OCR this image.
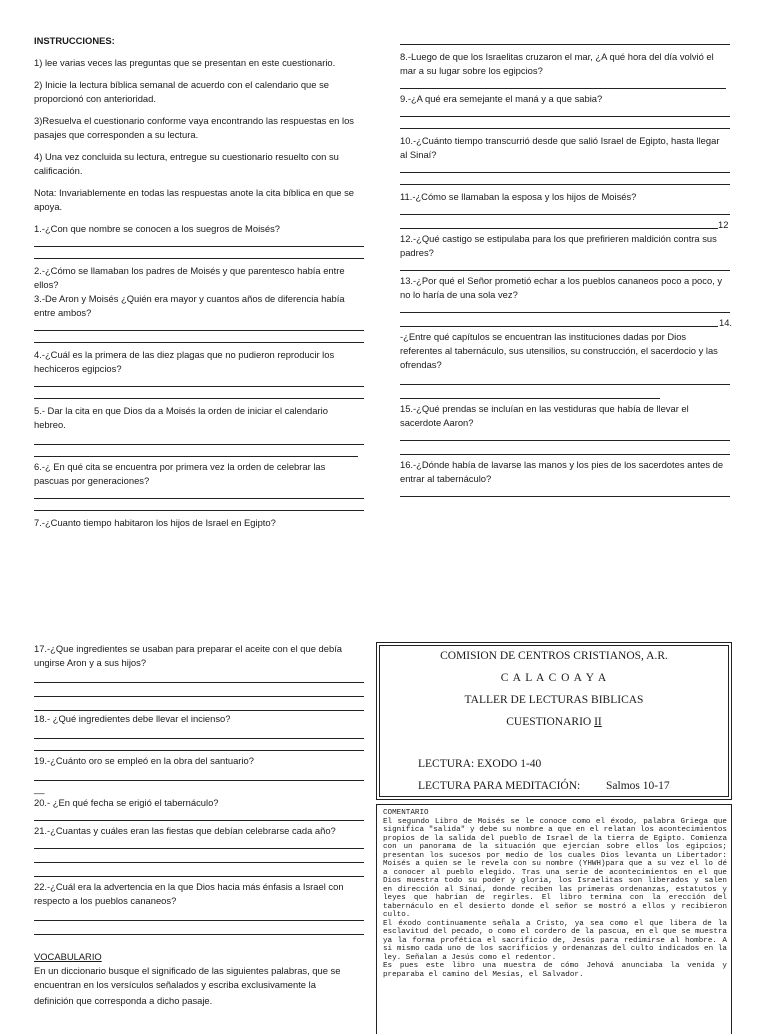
INSTRUCCIONES:
1) lee varias veces las preguntas que se presentan en este cuestionario.
2) Inicie la lectura bíblica semanal de acuerdo con el calendario que se
proporcionó con anterioridad.
3)Resuelva el cuestionario conforme vaya encontrando las respuestas en los
pasajes que corresponden a su lectura.
4) Una vez concluida su lectura, entregue su cuestionario resuelto con su
calificación.
Nota: Invariablemente en todas las respuestas anote la cita bíblica en que se
apoya.
1.-¿Con que nombre se conocen a los suegros de Moisés?
2.-¿Cómo se llamaban los padres de Moisés y que parentesco había entre
ellos?
3.-De Aron y Moisés ¿Quién era mayor y cuantos años de diferencia había
entre ambos?
4.-¿Cuál es la primera de las diez plagas que no pudieron reproducir los
hechiceros egipcios?
5.- Dar la cita en que Dios da a Moisés la orden de iniciar el calendario
hebreo.
6.-¿ En qué cita se encuentra por primera vez la orden de celebrar las
pascuas por generaciones?
7.-¿Cuanto tiempo habitaron los hijos de Israel en Egipto?
8.-Luego de que los Israelitas cruzaron el mar, ¿A qué hora del día volvió el
mar a su lugar sobre los egipcios?
9.-¿A qué era semejante el maná y a que sabia?
10.-¿Cuánto tiempo transcurrió desde que salió Israel de Egipto, hasta llegar
al Sinaí?
11.-¿Cómo se llamaban la esposa y los hijos de Moisés?
12
12.-¿Qué castigo se estipulaba para los que prefirieren maldición contra sus
padres?
13.-¿Por qué el Señor prometió echar a los pueblos cananeos poco a poco, y
no lo haría de una sola vez?
14.
-¿Entre qué capítulos se encuentran las instituciones dadas por Dios
referentes al tabernáculo, sus utensilios, su construcción, el sacerdocio y las
ofrendas?
15.-¿Qué prendas se incluían en las vestiduras que había de llevar el
sacerdote Aaron?
16.-¿Dónde había de lavarse las manos y los pies de los sacerdotes antes de
entrar al tabernáculo?
17.-¿Que ingredientes se usaban para preparar el aceite con el que debía
ungirse Aron y a sus hijos?
18.- ¿Qué ingredientes debe llevar el incienso?
19.-¿Cuánto oro se empleó en la obra del santuario?
__
20.- ¿En qué fecha se erigió el tabernáculo?
21.-¿Cuantas y cuáles eran las fiestas que debían celebrarse cada año?
22.-¿Cuál era la advertencia en la que Dios hacia más énfasis a Israel con
respecto a los pueblos cananeos?
VOCABULARIO
En un diccionario busque el significado de las siguientes palabras, que se
encuentran en los versículos señalados y escriba exclusivamente la
definición que corresponda a dicho pasaje.
COMISION DE CENTROS CRISTIANOS, A.R.
C A L A C O A Y A
TALLER DE LECTURAS BIBLICAS
CUESTIONARIO II
LECTURA: EXODO 1-40
LECTURA PARA MEDITACIÓN: Salmos 10-17
COMENTARIO
El segundo Libro de Moisés se le conoce como el éxodo, palabra Griega que significa "salida" y debe su nombre a que en el relatan los acontecimientos propios de la salida del pueblo de Israel de la tierra de Egipto. Comienza con un panorama de la situación que ejercían sobre ellos los egipcios; presentan los sucesos por medio de los cuales Dios levanta un Libertador: Moisés a quien se le revela con su nombre (YHWH)para que a su vez el lo dé a conocer al pueblo elegido. Tras una serie de acontecimientos en el que Dios muestra todo su poder y gloria, los Israelitas son liberados y salen en dirección al Sinaí, donde reciben las primeras ordenanzas, estatutos y leyes que habrían de regirles. El libro termina con la erección del tabernáculo en el desierto donde el señor se mostró a ellos y recibieron culto.
El éxodo continuamente señala a Cristo, ya sea como el que libera de la esclavitud del pecado, o como el cordero de la pascua, en el que se muestra ya la forma profética el sacrificio de, Jesús para redimirse al hombre. A si mismo cada uno de los sacrificios y ordenanzas del culto indicados en la ley. Señalan a Jesús como el redentor.
Es pues este libro una muestra de cómo Jehová anunciaba la venida y preparaba el camino del Mesías, el Salvador.
